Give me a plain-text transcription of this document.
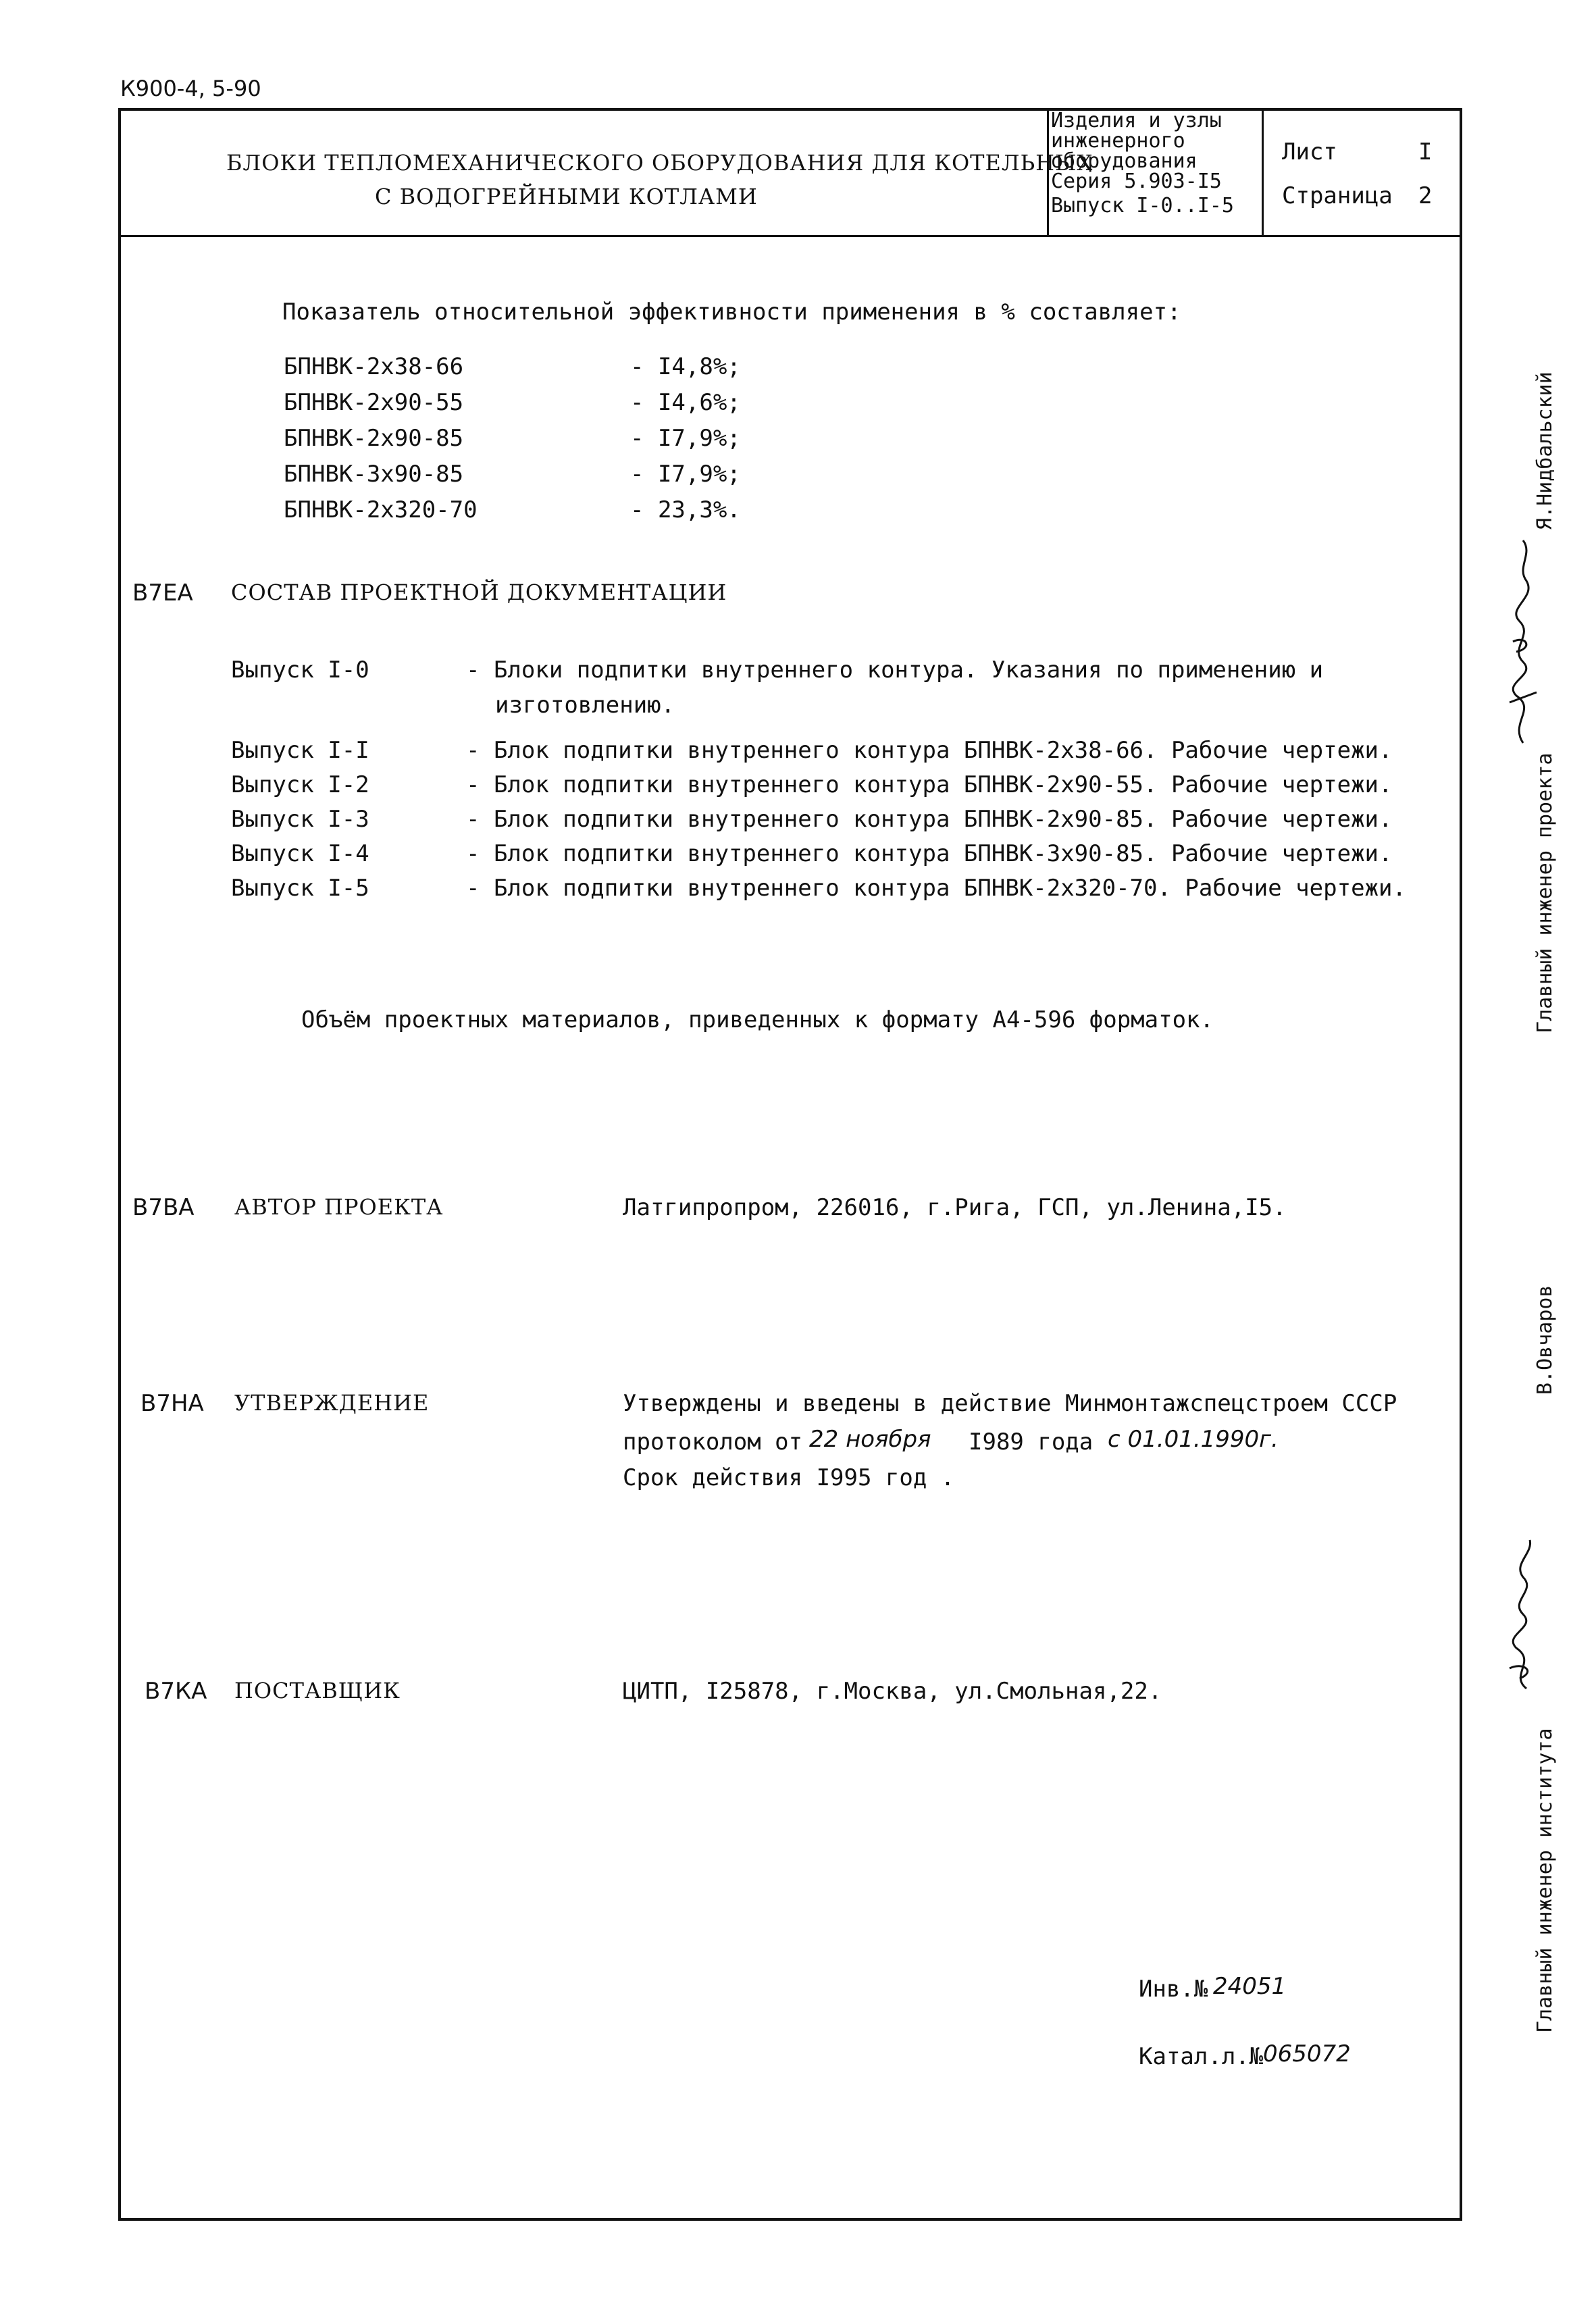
К900-4, 5-90
БЛОКИ ТЕПЛОМЕХАНИЧЕСКОГО ОБОРУДОВАНИЯ ДЛЯ КОТЕЛЬНЫХ
С ВОДОГРЕЙНЫМИ КОТЛАМИ
Изделия и узлы
инженерного
оборудования
Серия 5.903-I5
Выпуск I-0..I-5
Лист	I
Страница 2
Показатель относительной эффективности применения в % составляет:
БПНВК-2х38-66	- I4,8%;
БПНВК-2х90-55	- I4,6%;
БПНВК-2х90-85	- I7,9%;
БПНВК-3х90-85	- I7,9%;
БПНВК-2х320-70	- 23,3%.
В7ЕА СОСТАВ ПРОЕКТНОЙ ДОКУМЕНТАЦИИ
Выпуск I-0	- Блоки подпитки внутреннего контура. Указания по применению и
изготовлению.
Выпуск I-I	- Блок подпитки внутреннего контура БПНВК-2х38-66. Рабочие чертежи.
Выпуск I-2	- Блок подпитки внутреннего контура БПНВК-2х90-55. Рабочие чертежи.
Выпуск I-3	- Блок подпитки внутреннего контура БПНВК-2х90-85. Рабочие чертежи.
Выпуск I-4	- Блок подпитки внутреннего контура БПНВК-3х90-85. Рабочие чертежи.
Выпуск I-5	- Блок подпитки внутреннего контура БПНВК-2х320-70. Рабочие чертежи.
Объём проектных материалов, приведенных к формату А4-596 форматок.
В7ВА АВТОР ПРОЕКТА	Латгипропром, 226016, г.Рига, ГСП, ул.Ленина,I5.
В7НА УТВЕРЖДЕНИЕ	Утверждены и введены в действие Минмонтажспецстроем СССР
протоколом от 22 ноября I989 года с 01.01.1990г.
Срок действия I995 год .
В7КА ПОСТАВЩИК	ЦИТП, I25878, г.Москва, ул.Смольная,22.
Инв.№ 24051
Катал.л.№ 065072
Главный инженер проекта
Я.Нидбальский
Главный инженер института
В.Овчаров
